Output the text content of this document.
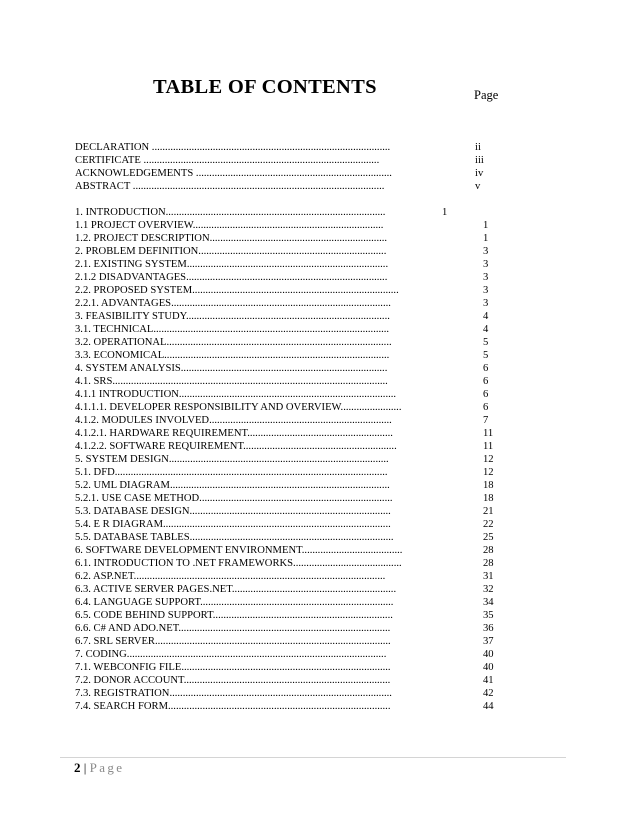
TABLE OF CONTENTS	Page
DECLARATION ..........................................................................................	ii
CERTIFICATE .........................................................................................	iii
ACKNOWLEDGEMENTS ..........................................................................	iv
ABSTRACT ...............................................................................................	v
1. INTRODUCTION...................................................................................	1
1.1 PROJECT OVERVIEW........................................................................	1
1.2. PROJECT DESCRIPTION...................................................................	1
2. PROBLEM DEFINITION.......................................................................	3
2.1. EXISTING SYSTEM............................................................................	3
2.1.2 DISADVANTAGES............................................................................	3
2.2. PROPOSED SYSTEM..............................................................................	3
2.2.1. ADVANTAGES...................................................................................	3
3. FEASIBILITY STUDY.............................................................................	4
3.1. TECHNICAL.........................................................................................	4
3.2. OPERATIONAL.....................................................................................	5
3.3. ECONOMICAL.....................................................................................	5
4. SYSTEM ANALYSIS..............................................................................	6
4.1. SRS........................................................................................................	6
4.1.1 INTRODUCTION..................................................................................	6
4.1.1.1. DEVELOPER RESPONSIBILITY AND OVERVIEW.......................	6
4.1.2. MODULES INVOLVED.....................................................................	7
4.1.2.1. HARDWARE REQUIREMENT.......................................................	11
4.1.2.2. SOFTWARE REQUIREMENT..........................................................	11
5. SYSTEM DESIGN...................................................................................	12
5.1. DFD.......................................................................................................	12
5.2. UML DIAGRAM...................................................................................	18
5.2.1. USE CASE METHOD.........................................................................	18
5.3. DATABASE DESIGN............................................................................	21
5.4. E R DIAGRAM......................................................................................	22
5.5. DATABASE TABLES.............................................................................	25
6. SOFTWARE DEVELOPMENT ENVIRONMENT......................................	28
6.1. INTRODUCTION TO .NET FRAMEWORKS.........................................	28
6.2. ASP.NET...............................................................................................	31
6.3. ACTIVE SERVER PAGES.NET..............................................................	32
6.4. LANGUAGE SUPPORT.........................................................................	34
6.5. CODE BEHIND SUPPORT....................................................................	35
6.6. C# AND ADO.NET................................................................................	36
6.7. SRL SERVER.........................................................................................	37
7. CODING..................................................................................................	40
7.1. WEBCONFIG FILE...............................................................................	40
7.2. DONOR ACCOUNT..............................................................................	41
7.3. REGISTRATION....................................................................................	42
7.4. SEARCH FORM....................................................................................	44
2 | Page
